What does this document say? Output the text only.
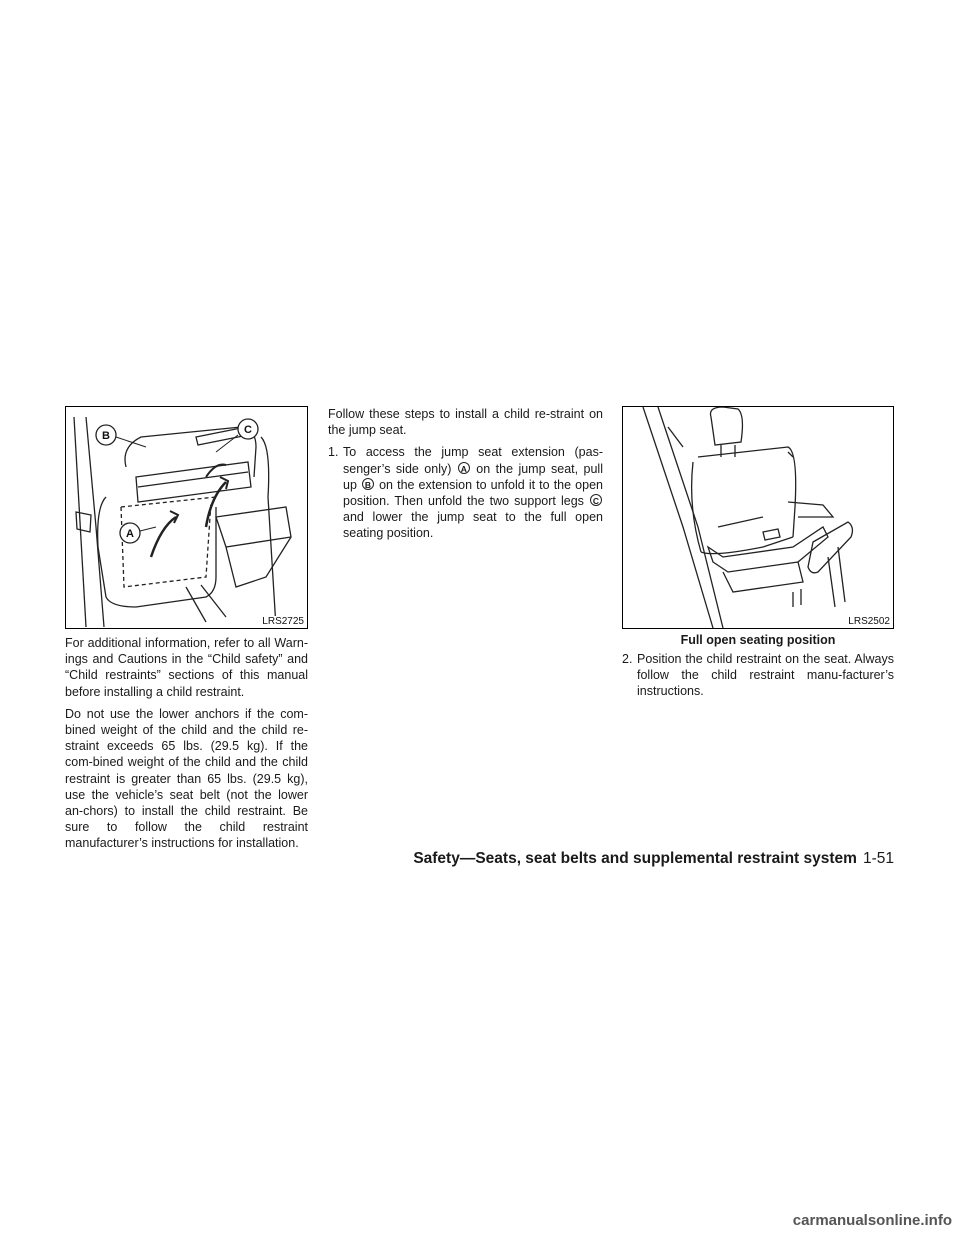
B	C
A
LRS2725	LRS2502
Full open seating position

For additional information, refer to all Warn-ings and Cautions in the “Child safety” and “Child restraints” sections of this manual before installing a child restraint.

Do not use the lower anchors if the com-bined weight of the child and the child re-straint exceeds 65 lbs. (29.5 kg). If the com-bined weight of the child and the child restraint is greater than 65 lbs. (29.5 kg), use the vehicle’s seat belt (not the lower an-chors) to install the child restraint. Be sure to follow the child restraint manufacturer’s instructions for installation.

Follow these steps to install a child re-straint on the jump seat.

1. To access the jump seat extension (pas-senger’s side only) A on the jump seat, pull up B on the extension to unfold it to the open position. Then unfold the two support legs C and lower the jump seat to the full open seating position.
2. Position the child restraint on the seat. Always follow the child restraint manu-facturer’s instructions.
Safety—Seats, seat belts and supplemental restraint system 1-51
carmanualsonline.info
